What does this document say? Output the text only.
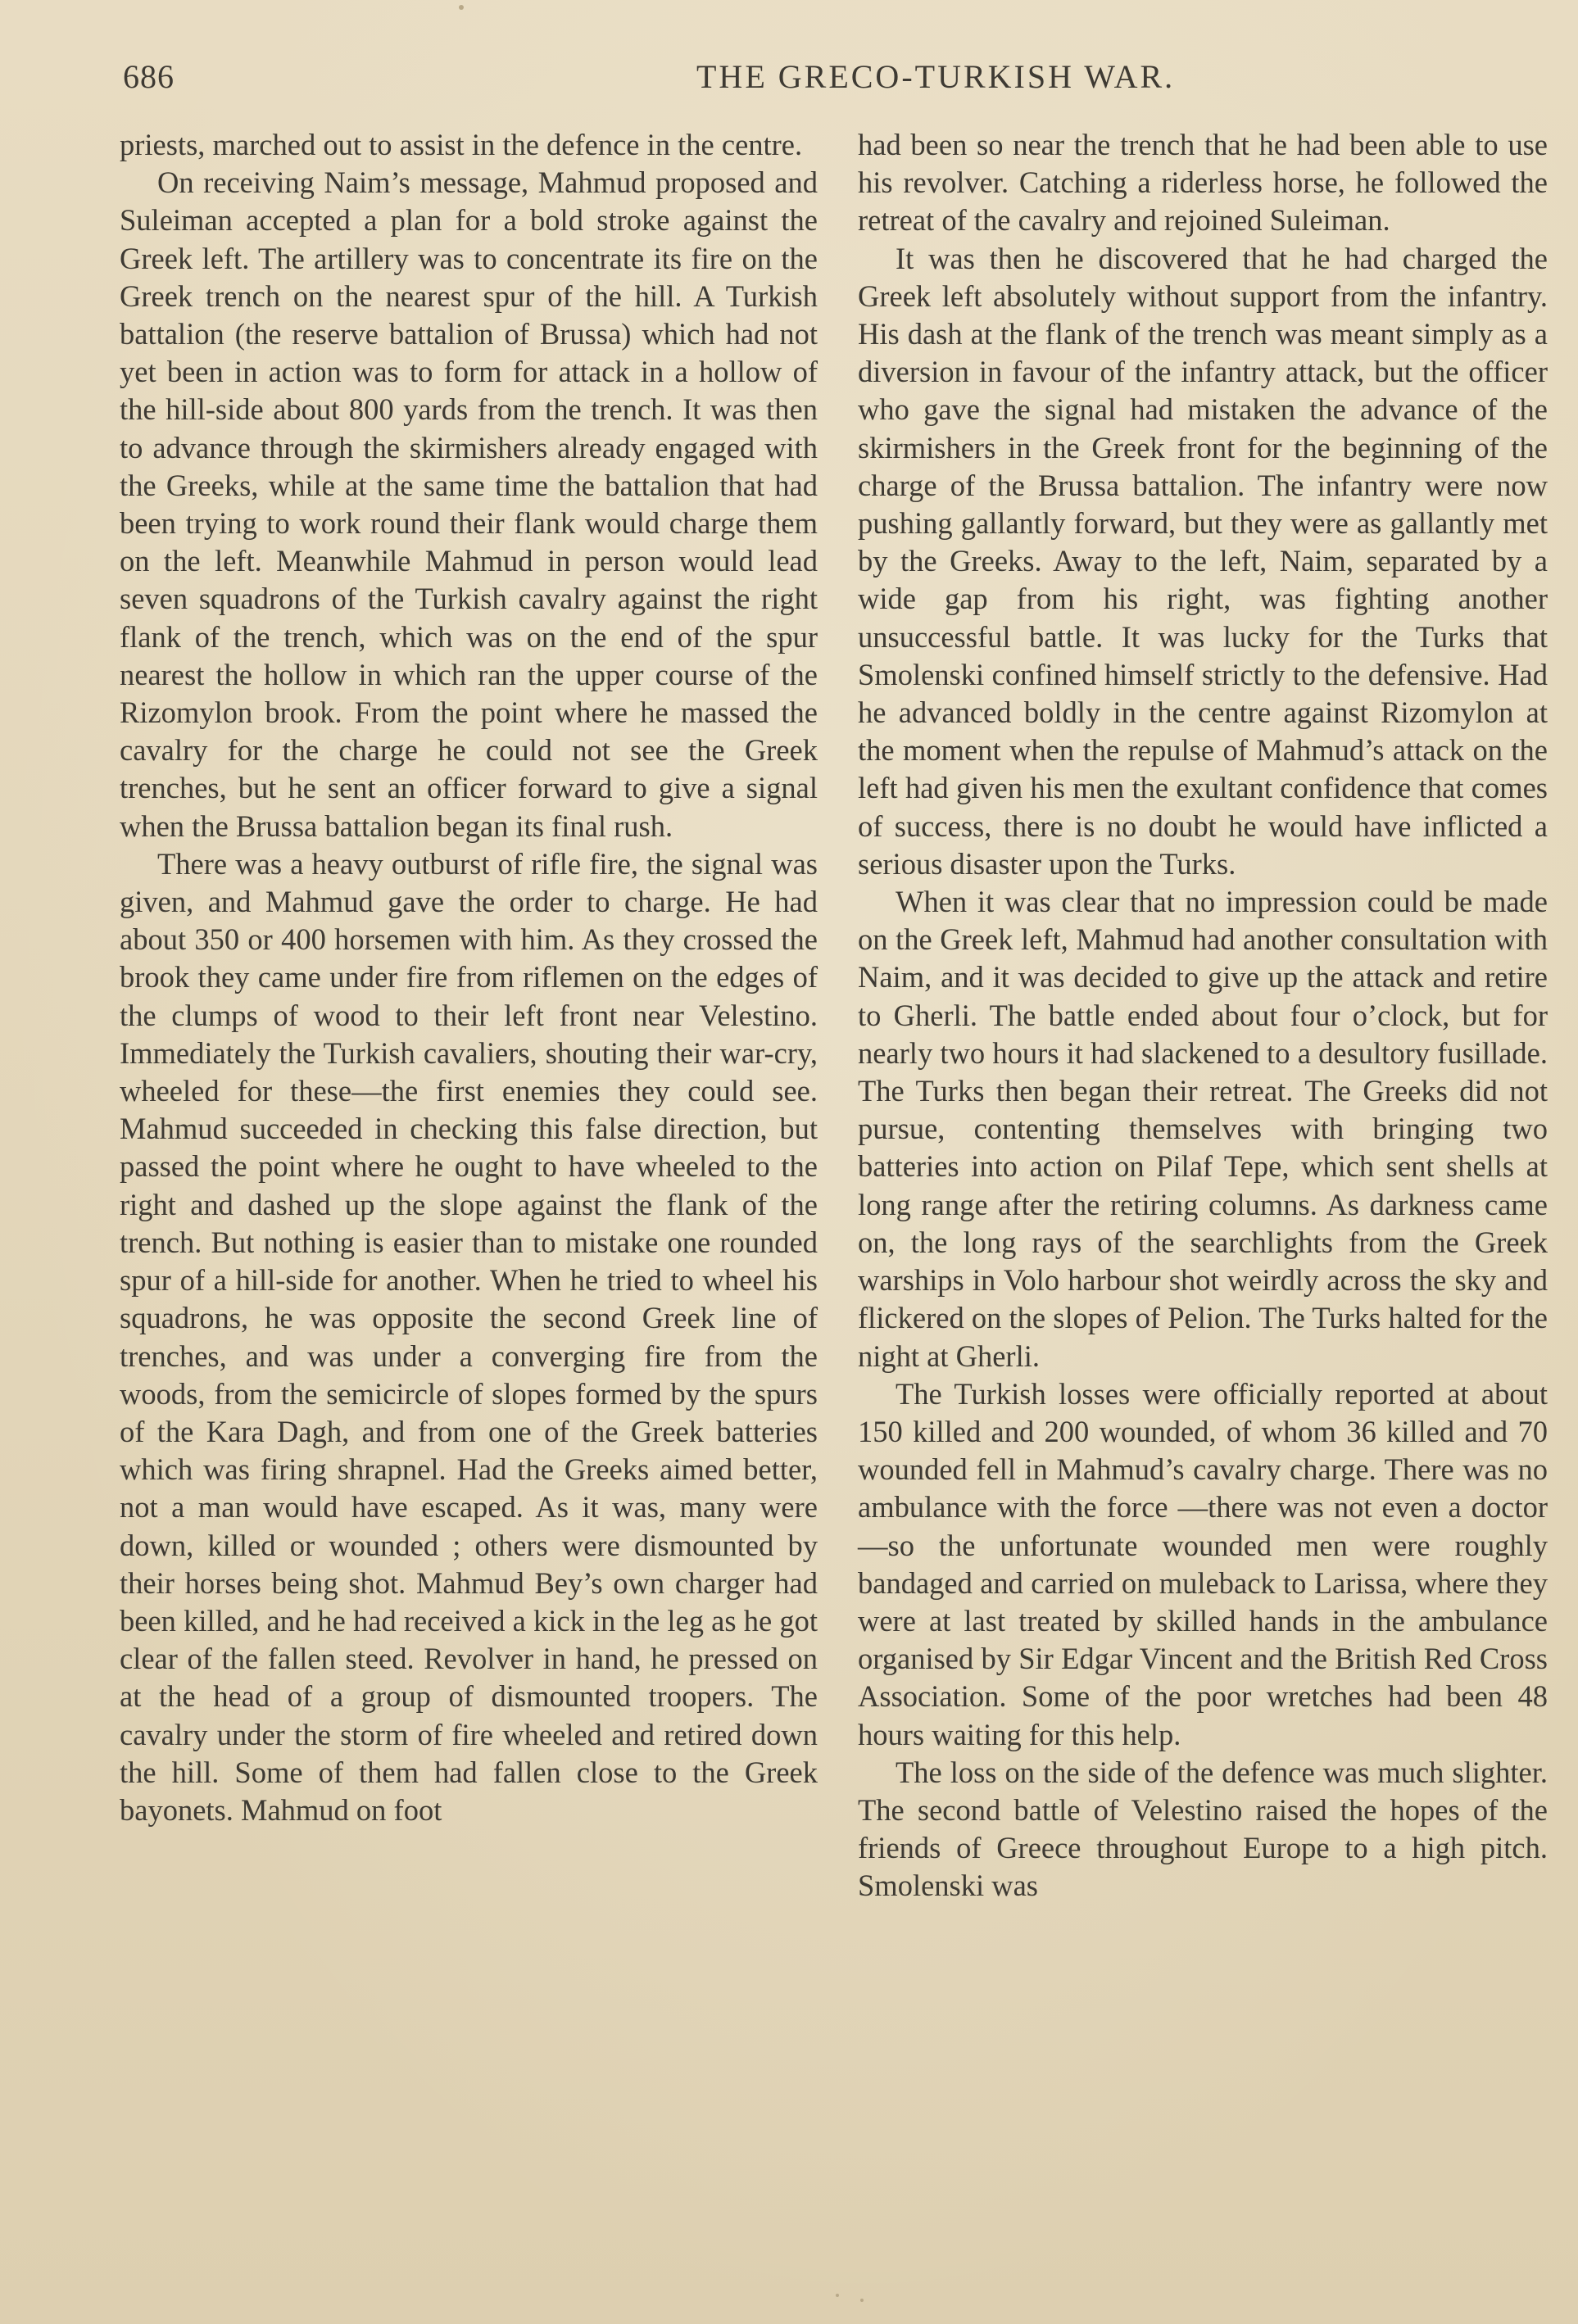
686	THE GRECO-TURKISH WAR.

priests, marched out to assist in the defence in the centre.

On receiving Naim’s message, Mahmud proposed and Suleiman accepted a plan for a bold stroke against the Greek left. The artillery was to concentrate its fire on the Greek trench on the nearest spur of the hill. A Turkish battalion (the reserve battalion of Brussa) which had not yet been in action was to form for attack in a hollow of the hill-side about 800 yards from the trench. It was then to advance through the skirmishers already engaged with the Greeks, while at the same time the battalion that had been trying to work round their flank would charge them on the left. Meanwhile Mahmud in person would lead seven squadrons of the Turkish cavalry against the right flank of the trench, which was on the end of the spur nearest the hollow in which ran the upper course of the Rizomylon brook. From the point where he massed the cavalry for the charge he could not see the Greek trenches, but he sent an officer forward to give a signal when the Brussa battalion began its final rush.

There was a heavy outburst of rifle fire, the signal was given, and Mahmud gave the order to charge. He had about 350 or 400 horsemen with him. As they crossed the brook they came under fire from riflemen on the edges of the clumps of wood to their left front near Velestino. Immediately the Turkish cavaliers, shouting their war-cry, wheeled for these—the first enemies they could see. Mahmud succeeded in checking this false direction, but passed the point where he ought to have wheeled to the right and dashed up the slope against the flank of the trench. But nothing is easier than to mistake one rounded spur of a hill-side for another. When he tried to wheel his squadrons, he was opposite the second Greek line of trenches, and was under a converging fire from the woods, from the semicircle of slopes formed by the spurs of the Kara Dagh, and from one of the Greek batteries which was firing shrapnel. Had the Greeks aimed better, not a man would have escaped. As it was, many were down, killed or wounded ; others were dismounted by their horses being shot. Mahmud Bey’s own charger had been killed, and he had received a kick in the leg as he got clear of the fallen steed. Revolver in hand, he pressed on at the head of a group of dismounted troopers. The cavalry under the storm of fire wheeled and retired down the hill. Some of them had fallen close to the Greek bayonets. Mahmud on foot

had been so near the trench that he had been able to use his revolver. Catching a riderless horse, he followed the retreat of the cavalry and rejoined Suleiman.

It was then he discovered that he had charged the Greek left absolutely without support from the infantry. His dash at the flank of the trench was meant simply as a diversion in favour of the infantry attack, but the officer who gave the signal had mistaken the advance of the skirmishers in the Greek front for the beginning of the charge of the Brussa battalion. The infantry were now pushing gallantly forward, but they were as gallantly met by the Greeks. Away to the left, Naim, separated by a wide gap from his right, was fighting another unsuccessful battle. It was lucky for the Turks that Smolenski confined himself strictly to the defensive. Had he advanced boldly in the centre against Rizomylon at the moment when the repulse of Mahmud’s attack on the left had given his men the exultant confidence that comes of success, there is no doubt he would have inflicted a serious disaster upon the Turks.

When it was clear that no impression could be made on the Greek left, Mahmud had another consultation with Naim, and it was decided to give up the attack and retire to Gherli. The battle ended about four o’clock, but for nearly two hours it had slackened to a desultory fusillade. The Turks then began their retreat. The Greeks did not pursue, contenting themselves with bringing two batteries into action on Pilaf Tepe, which sent shells at long range after the retiring columns. As darkness came on, the long rays of the searchlights from the Greek warships in Volo harbour shot weirdly across the sky and flickered on the slopes of Pelion. The Turks halted for the night at Gherli.

The Turkish losses were officially reported at about 150 killed and 200 wounded, of whom 36 killed and 70 wounded fell in Mahmud’s cavalry charge. There was no ambulance with the force —there was not even a doctor—so the unfortunate wounded men were roughly bandaged and carried on muleback to Larissa, where they were at last treated by skilled hands in the ambulance organised by Sir Edgar Vincent and the British Red Cross Association. Some of the poor wretches had been 48 hours waiting for this help.

The loss on the side of the defence was much slighter. The second battle of Velestino raised the hopes of the friends of Greece throughout Europe to a high pitch. Smolenski was
